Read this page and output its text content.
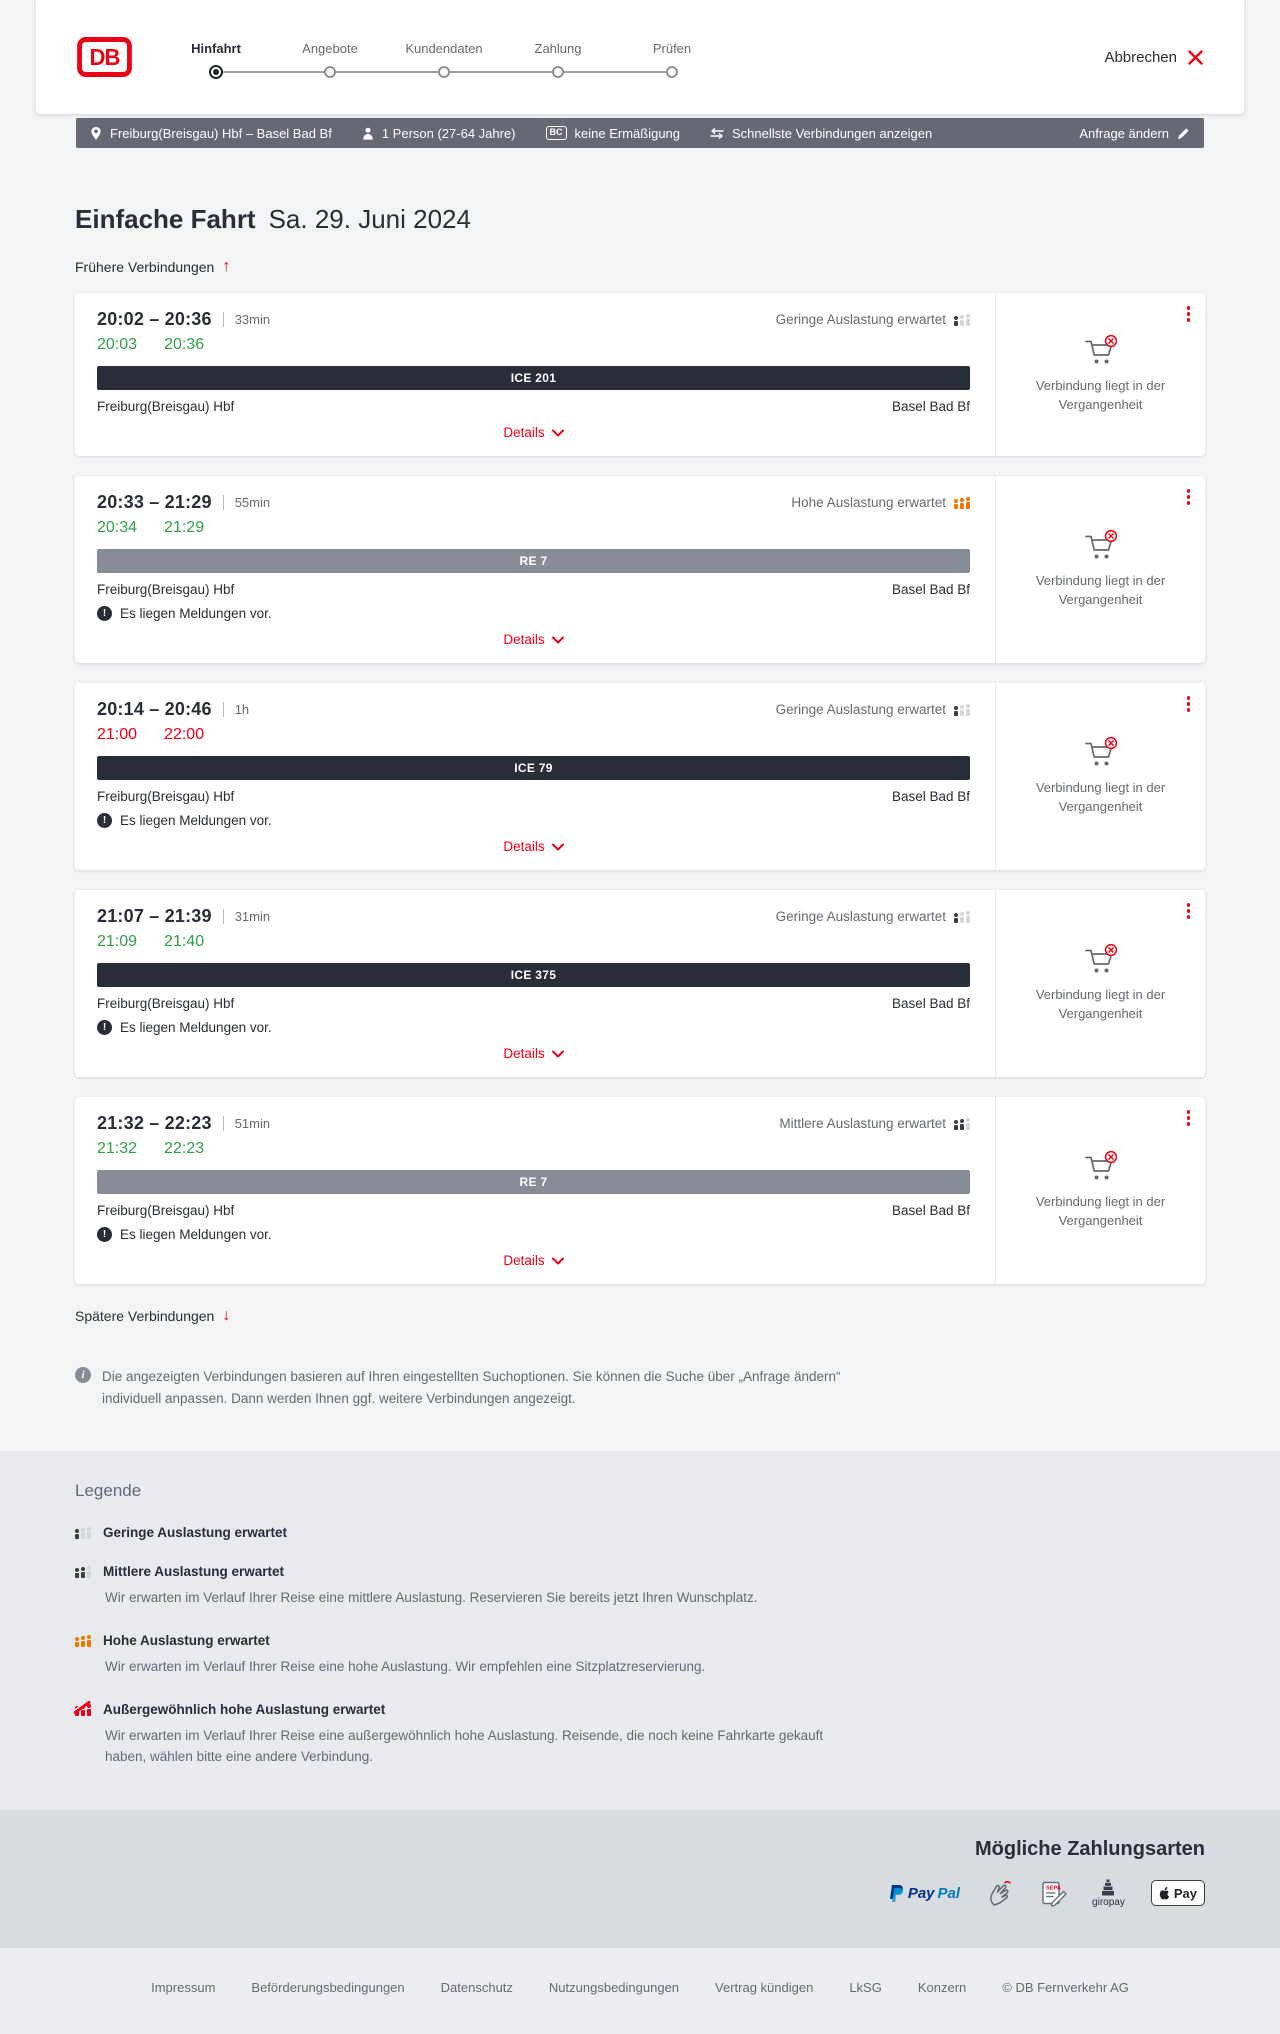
DB	Hinfahrt	Angebote	Kundendaten	Zahlung	Prüfen
Abbrechen
Freiburg(Breisgau) Hbf – Basel Bad Bf	1 Person (27-64 Jahre)	BC keine Ermäßigung	Schnellste Verbindungen anzeigen	Anfrage ändern
Einfache Fahrt Sa. 29. Juni 2024
Frühere Verbindungen
↑
20:02 – 20:36 33min	Geringe Auslastung erwartet
20:03 20:36
ICE 201
Freiburg(Breisgau) Hbf	Basel Bad Bf
Details
Verbindung liegt in der Vergangenheit
20:33 – 21:29 55min	Hohe Auslastung erwartet
20:34 21:29
RE 7
Freiburg(Breisgau) Hbf	Basel Bad Bf
!
Es liegen Meldungen vor.
Details
Verbindung liegt in der Vergangenheit
20:14 – 20:46 1h	Geringe Auslastung erwartet
21:00 22:00
ICE 79
Freiburg(Breisgau) Hbf	Basel Bad Bf
!
Es liegen Meldungen vor.
Details
Verbindung liegt in der Vergangenheit
21:07 – 21:39 31min	Geringe Auslastung erwartet
21:09 21:40
ICE 375
Freiburg(Breisgau) Hbf	Basel Bad Bf
!
Es liegen Meldungen vor.
Details
Verbindung liegt in der Vergangenheit
21:32 – 22:23 51min	Mittlere Auslastung erwartet
21:32 22:23
RE 7
Freiburg(Breisgau) Hbf	Basel Bad Bf
!
Es liegen Meldungen vor.
Details
Verbindung liegt in der Vergangenheit
Spätere Verbindungen
↓
i

Die angezeigten Verbindungen basieren auf Ihren eingestellten Suchoptionen. Sie können die Suche über „Anfrage ändern“ individuell anpassen. Dann werden Ihnen ggf. weitere Verbindungen angezeigt.

Legende
Geringe Auslastung erwartet
Mittlere Auslastung erwartet

Wir erwarten im Verlauf Ihrer Reise eine mittlere Auslastung. Reservieren Sie bereits jetzt Ihren Wunschplatz.

Hohe Auslastung erwartet

Wir erwarten im Verlauf Ihrer Reise eine hohe Auslastung. Wir empfehlen eine Sitzplatzreservierung.

Außergewöhnlich hohe Auslastung erwartet

Wir erwarten im Verlauf Ihrer Reise eine außergewöhnlich hohe Auslastung. Reisende, die noch keine Fahrkarte gekauft haben, wählen bitte eine andere Verbindung.

Mögliche Zahlungsarten
Pay Pal	SEPA
giropay
Pay
Impressum	Beförderungsbedingungen	Datenschutz	Nutzungsbedingungen	Vertrag kündigen	LkSG	Konzern	© DB Fernverkehr AG
